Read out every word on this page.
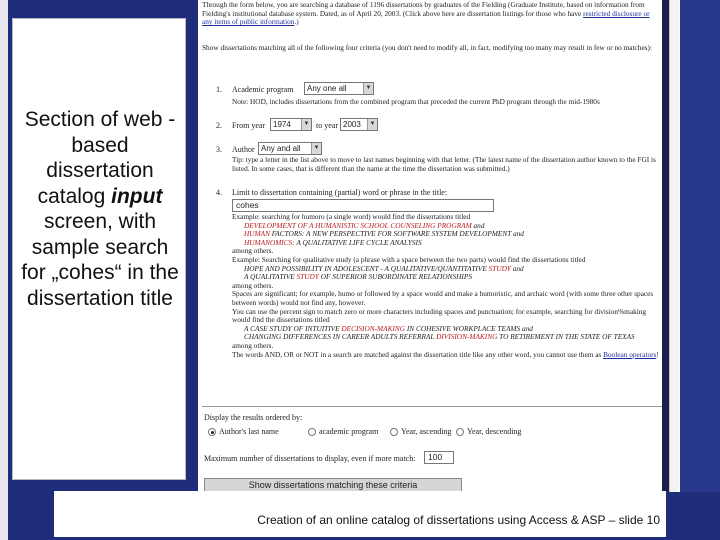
Section of web -based dissertation catalog input screen, with sample search for „cohes“ in the dissertation title
Through the form below, you are searching a database of 1196 dissertations by graduates of the Fielding (Graduate Institute, based on information from Fielding's institutional database system. Dated, as of April 20, 2003. (Click above here are dissertation listings for those who have restricted disclosure or any items of public information.)
Show dissertations matching all of the following four criteria (you don't need to modify all, in fact, modifying too many may result in few or no matches):
1. Academic program	Any one all	▼
Note: HOD, includes dissertations from the combined program that preceded the current PhD program through the mid-1980s
2. From year 1974	▼ to year 2003	▼
3. Author Any and all	▼
Tip: type a letter in the list above to move to last names beginning with that letter. (The latest name of the dissertation author known to the FGI is listed. In some cases, that is different than the name at the time the dissertation was submitted.)
4. Limit to dissertation containing (partial) word or phrase in the title:
cohes
Example: searching for humoro (a single word) would find the dissertations titled
DEVELOPMENT OF A HUMANISTIC SCHOOL COUNSELING PROGRAM and
HUMAN FACTORS: A NEW PERSPECTIVE FOR SOFTWARE SYSTEM DEVELOPMENT and
HUMANOMICS: A QUALITATIVE LIFE CYCLE ANALYSIS
among others.
Example: Searching for qualitative study (a phrase with a space between the two parts) would find the dissertations titled
HOPE AND POSSIBILITY IN ADOLESCENT - A QUALITATIVE/QUANTITATIVE STUDY and
A QUALITATIVE STUDY OF SUPERIOR SUBORDINATE RELATIONSHIPS
among others.
Spaces are significant; for example, humo or followed by a space would and make a humoristic, and archaic word (with some three other spaces between words) would not find any, however.
You can use the percent sign to match zero or more characters including spaces and punctuation; for example, searching for division%making would find the dissertations titled
A CASE STUDY OF INTUITIVE DECISION-MAKING IN COHESIVE WORKPLACE TEAMS and
CHANGING DIFFERENCES IN CAREER ADULTS REFERRAL DIVISION-MAKING TO RETIREMENT IN THE STATE OF TEXAS
among others.
The words AND, OR or NOT in a search are matched against the dissertation title like any other word, you cannot use them as Boolean operators!
Display the results ordered by:
Author's last name	academic program	Year, ascending Year, descending
Maximum number of dissertations to display, even if more match:	100
Show dissertations matching these criteria
Creation of an online catalog of dissertations using Access & ASP – slide 10
